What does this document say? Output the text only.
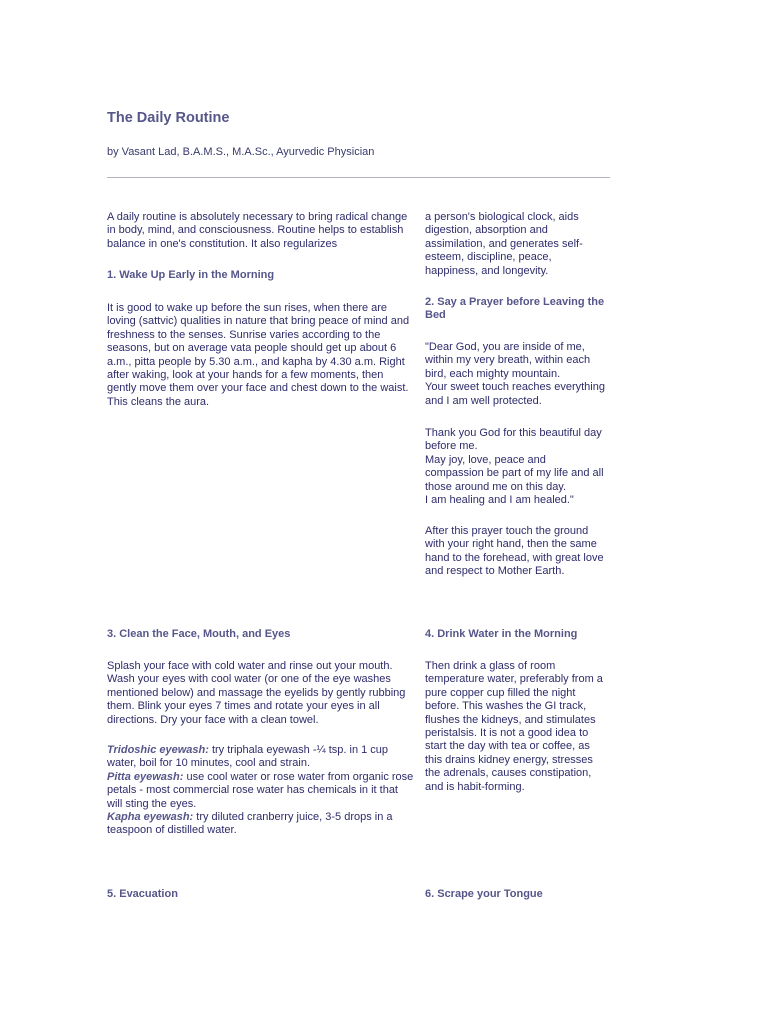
The Daily Routine
by Vasant Lad, B.A.M.S., M.A.Sc., Ayurvedic Physician

A daily routine is absolutely necessary to bring radical change
in body, mind, and consciousness. Routine helps to establish
balance in one's constitution. It also regularizes

a person's biological clock, aids
digestion, absorption and
assimilation, and generates self-
esteem, discipline, peace,
happiness, and longevity.

1. Wake Up Early in the Morning

It is good to wake up before the sun rises, when there are
loving (sattvic) qualities in nature that bring peace of mind and
freshness to the senses. Sunrise varies according to the
seasons, but on average vata people should get up about 6
a.m., pitta people by 5.30 a.m., and kapha by 4.30 a.m. Right
after waking, look at your hands for a few moments, then
gently move them over your face and chest down to the waist.
This cleans the aura.

2. Say a Prayer before Leaving the
Bed

"Dear God, you are inside of me,
within my very breath, within each
bird, each mighty mountain.
Your sweet touch reaches everything
and I am well protected.

Thank you God for this beautiful day
before me.
May joy, love, peace and
compassion be part of my life and all
those around me on this day.
I am healing and I am healed."

After this prayer touch the ground
with your right hand, then the same
hand to the forehead, with great love
and respect to Mother Earth.

3. Clean the Face, Mouth, and Eyes

Splash your face with cold water and rinse out your mouth.
Wash your eyes with cool water (or one of the eye washes
mentioned below) and massage the eyelids by gently rubbing
them. Blink your eyes 7 times and rotate your eyes in all
directions. Dry your face with a clean towel.

Tridoshic eyewash: try triphala eyewash -¼ tsp. in 1 cup
water, boil for 10 minutes, cool and strain.
Pitta eyewash: use cool water or rose water from organic rose
petals - most commercial rose water has chemicals in it that
will sting the eyes.
Kapha eyewash: try diluted cranberry juice, 3-5 drops in a
teaspoon of distilled water.

4. Drink Water in the Morning

Then drink a glass of room
temperature water, preferably from a
pure copper cup filled the night
before. This washes the GI track,
flushes the kidneys, and stimulates
peristalsis. It is not a good idea to
start the day with tea or coffee, as
this drains kidney energy, stresses
the adrenals, causes constipation,
and is habit-forming.

5. Evacuation	6. Scrape your Tongue
